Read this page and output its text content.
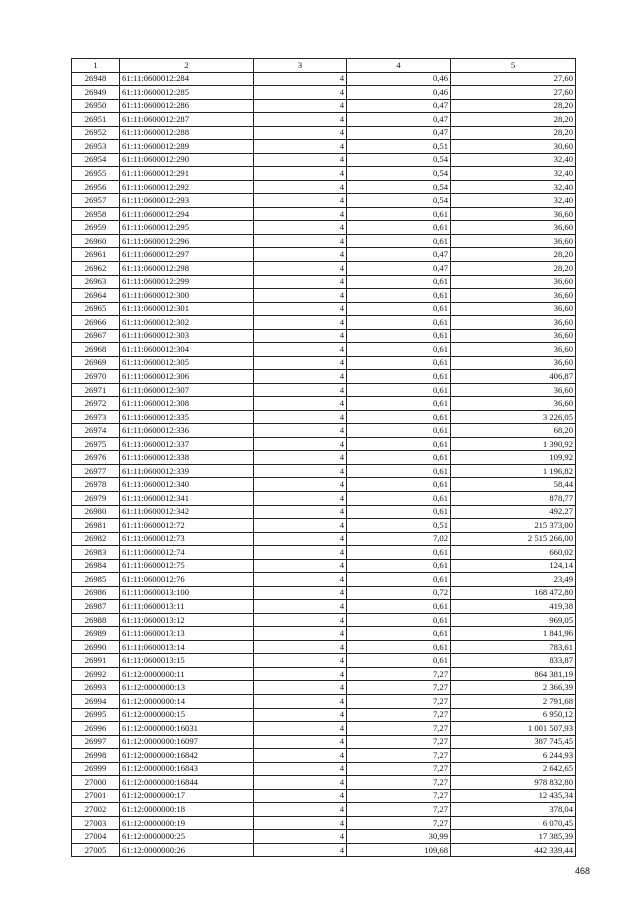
1	2	3	4	5
26948	61:11:0600012:284	4	0,46	27,60
26949	61:11:0600012:285	4	0,46	27,60
26950	61:11:0600012:286	4	0,47	28,20
26951	61:11:0600012:287	4	0,47	28,20
26952	61:11:0600012:288	4	0,47	28,20
26953	61:11:0600012:289	4	0,51	30,60
26954	61:11:0600012:290	4	0,54	32,40
26955	61:11:0600012:291	4	0,54	32,40
26956	61:11:0600012:292	4	0,54	32,40
26957	61:11:0600012:293	4	0,54	32,40
26958	61:11:0600012:294	4	0,61	36,60
26959	61:11:0600012:295	4	0,61	36,60
26960	61:11:0600012:296	4	0,61	36,60
26961	61:11:0600012:297	4	0,47	28,20
26962	61:11:0600012:298	4	0,47	28,20
26963	61:11:0600012:299	4	0,61	36,60
26964	61:11:0600012:300	4	0,61	36,60
26965	61:11:0600012:301	4	0,61	36,60
26966	61:11:0600012:302	4	0,61	36,60
26967	61:11:0600012:303	4	0,61	36,60
26968	61:11:0600012:304	4	0,61	36,60
26969	61:11:0600012:305	4	0,61	36,60
26970	61:11:0600012:306	4	0,61	406,87
26971	61:11:0600012:307	4	0,61	36,60
26972	61:11:0600012:308	4	0,61	36,60
26973	61:11:0600012:335	4	0,61	3 226,05
26974	61:11:0600012:336	4	0,61	68,20
26975	61:11:0600012:337	4	0,61	1 390,92
26976	61:11:0600012:338	4	0,61	109,92
26977	61:11:0600012:339	4	0,61	1 196,82
26978	61:11:0600012:340	4	0,61	58,44
26979	61:11:0600012:341	4	0,61	878,77
26980	61:11:0600012:342	4	0,61	492,27
26981	61:11:0600012:72	4	0,51	215 373,00
26982	61:11:0600012:73	4	7,02	2 515 266,00
26983	61:11:0600012:74	4	0,61	660,02
26984	61:11:0600012:75	4	0,61	124,14
26985	61:11:0600012:76	4	0,61	23,49
26986	61:11:0600013:100	4	0,72	168 472,80
26987	61:11:0600013:11	4	0,61	419,38
26988	61:11:0600013:12	4	0,61	969,05
26989	61:11:0600013:13	4	0,61	1 841,96
26990	61:11:0600013:14	4	0,61	783,61
26991	61:11:0600013:15	4	0,61	833,87
26992	61:12:0000000:11	4	7,27	864 381,19
26993	61:12:0000000:13	4	7,27	2 366,39
26994	61:12:0000000:14	4	7,27	2 791,68
26995	61:12:0000000:15	4	7,27	6 950,12
26996	61:12:0000000:16031	4	7,27	1 001 507,93
26997	61:12:0000000:16097	4	7,27	387 745,45
26998	61:12:0000000:16842	4	7,27	6 244,93
26999	61:12:0000000:16843	4	7,27	2 642,65
27000	61:12:0000000:16844	4	7,27	978 832,80
27001	61:12:0000000:17	4	7,27	12 435,34
27002	61:12:0000000:18	4	7,27	378,04
27003	61:12:0000000:19	4	7,27	6 070,45
27004	61:12:0000000:25	4	30,99	17 385,39
27005	61:12:0000000:26	4	109,68	442 339,44
468
